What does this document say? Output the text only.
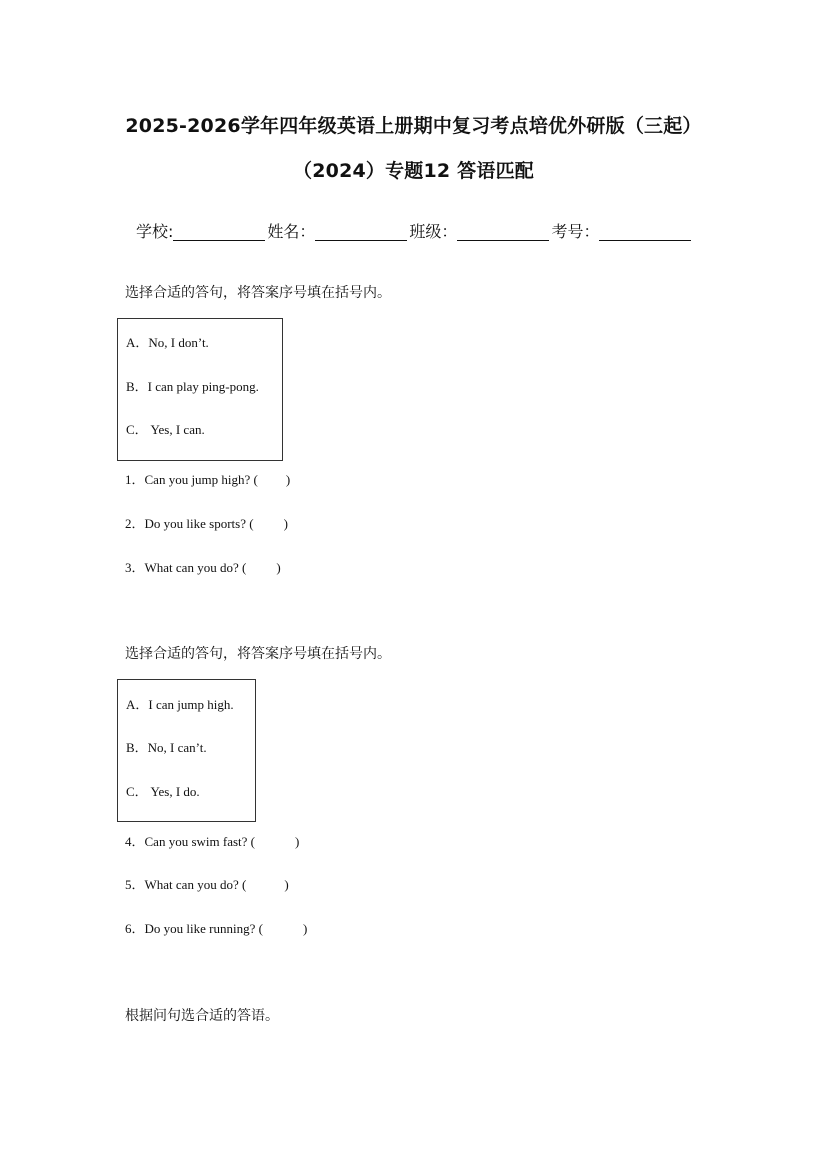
2025-2026学年四年级英语上册期中复习考点培优外研版（三起）
（2024）专题12 答语匹配
学校:	姓名：	班级：	考号：
选择合适的答句，将答案序号填在括号内。
A．No, I don’t.
B．I can play ping-pong.
C． Yes, I can.
1．Can you jump high? ( )
2．Do you like sports? ( )
3．What can you do? ( )
选择合适的答句，将答案序号填在括号内。
A．I can jump high.
B．No, I can’t.
C． Yes, I do.
4．Can you swim fast? (	)
5．What can you do? (	)
6．Do you like running? (	)
根据问句选合适的答语。
